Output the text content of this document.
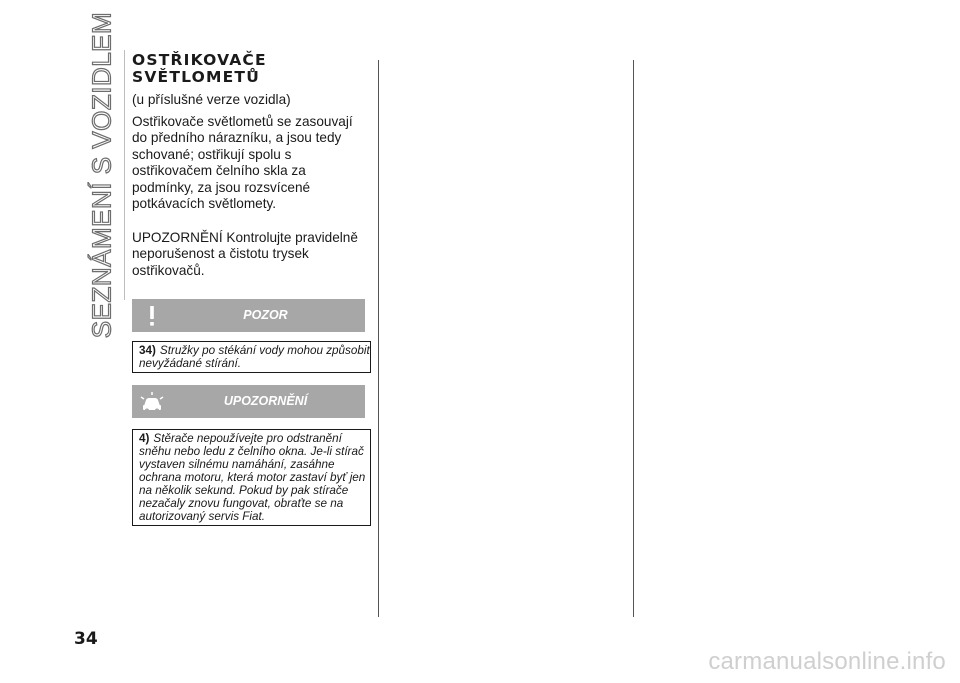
SEZNÁMENÍ S VOZIDLEM OSTŘIKOVAČE
SVĚTLOMETŮ

(u příslušné verze vozidla)

Ostřikovače světlometů se zasouvají do předního nárazníku, a jsou tedy schované; ostřikují spolu s ostřikovačem čelního skla za podmínky, za jsou rozsvícené potkávacích světlomety.

UPOZORNĚNÍ Kontrolujte pravidelně neporušenost a čistotu trysek ostřikovačů.

POZOR
34) Stružky po stékání vody mohou způsobit nevyžádané stírání.
UPOZORNĚNÍ
4) Stěrače nepoužívejte pro odstranění sněhu nebo ledu z čelního okna. Je-li stírač vystaven silnému namáhání, zasáhne ochrana motoru, která motor zastaví byť jen na několik sekund. Pokud by pak stírače nezačaly znovu fungovat, obraťte se na autorizovaný servis Fiat.
34
carmanualsonline.info
